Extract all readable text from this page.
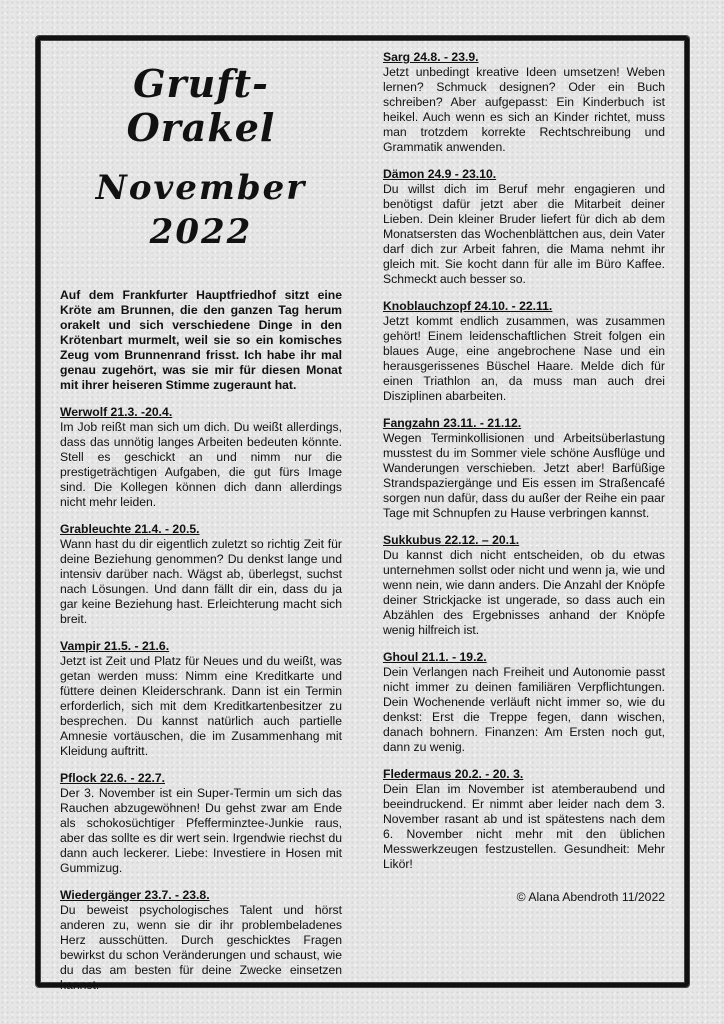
Gruft-Orakel
November 2022

Auf dem Frankfurter Hauptfriedhof sitzt eine Kröte am Brunnen, die den ganzen Tag herum orakelt und sich verschiedene Dinge in den Krötenbart murmelt, weil sie so ein komisches Zeug vom Brunnenrand frisst. Ich habe ihr mal genau zugehört, was sie mir für diesen Monat mit ihrer heiseren Stimme zugeraunt hat.

Werwolf 21.3. -20.4.

Im Job reißt man sich um dich. Du weißt allerdings, dass das unnötig langes Arbeiten bedeuten könnte. Stell es geschickt an und nimm nur die prestigeträchtigen Aufgaben, die gut fürs Image sind. Die Kollegen können dich dann allerdings nicht mehr leiden.

Grableuchte 21.4. - 20.5.

Wann hast du dir eigentlich zuletzt so richtig Zeit für deine Beziehung genommen? Du denkst lange und intensiv darüber nach. Wägst ab, überlegst, suchst nach Lösungen. Und dann fällt dir ein, dass du ja gar keine Beziehung hast. Erleichterung macht sich breit.

Vampir 21.5. - 21.6.

Jetzt ist Zeit und Platz für Neues und du weißt, was getan werden muss: Nimm eine Kreditkarte und füttere deinen Kleiderschrank. Dann ist ein Termin erforderlich, sich mit dem Kreditkartenbesitzer zu besprechen. Du kannst natürlich auch partielle Amnesie vortäuschen, die im Zusammenhang mit Kleidung auftritt.

Pflock 22.6. - 22.7.

Der 3. November ist ein Super-Termin um sich das Rauchen abzugewöhnen! Du gehst zwar am Ende als schokosüchtiger Pfefferminztee-Junkie raus, aber das sollte es dir wert sein. Irgendwie riechst du dann auch leckerer. Liebe: Investiere in Hosen mit Gummizug.

Wiedergänger 23.7. - 23.8.

Du beweist psychologisches Talent und hörst anderen zu, wenn sie dir ihr problembeladenes Herz ausschütten. Durch geschicktes Fragen bewirkst du schon Veränderungen und schaust, wie du das am besten für deine Zwecke einsetzen kannst.

Sarg 24.8. - 23.9.

Jetzt unbedingt kreative Ideen umsetzen! Weben lernen? Schmuck designen? Oder ein Buch schreiben? Aber aufgepasst: Ein Kinderbuch ist heikel. Auch wenn es sich an Kinder richtet, muss man trotzdem korrekte Rechtschreibung und Grammatik anwenden.

Dämon 24.9 - 23.10.

Du willst dich im Beruf mehr engagieren und benötigst dafür jetzt aber die Mitarbeit deiner Lieben. Dein kleiner Bruder liefert für dich ab dem Monatsersten das Wochenblättchen aus, dein Vater darf dich zur Arbeit fahren, die Mama nehmt ihr gleich mit. Sie kocht dann für alle im Büro Kaffee. Schmeckt auch besser so.

Knoblauchzopf 24.10. - 22.11.

Jetzt kommt endlich zusammen, was zusammen gehört! Einem leidenschaftlichen Streit folgen ein blaues Auge, eine angebrochene Nase und ein herausgerissenes Büschel Haare. Melde dich für einen Triathlon an, da muss man auch drei Disziplinen abarbeiten.

Fangzahn 23.11. - 21.12.

Wegen Terminkollisionen und Arbeitsüberlastung musstest du im Sommer viele schöne Ausflüge und Wanderungen verschieben. Jetzt aber! Barfüßige Strandspaziergänge und Eis essen im Straßencafé sorgen nun dafür, dass du außer der Reihe ein paar Tage mit Schnupfen zu Hause verbringen kannst.

Sukkubus 22.12. – 20.1.

Du kannst dich nicht entscheiden, ob du etwas unternehmen sollst oder nicht und wenn ja, wie und wenn nein, wie dann anders. Die Anzahl der Knöpfe deiner Strickjacke ist ungerade, so dass auch ein Abzählen des Ergebnisses anhand der Knöpfe wenig hilfreich ist.

Ghoul 21.1. - 19.2.

Dein Verlangen nach Freiheit und Autonomie passt nicht immer zu deinen familiären Verpflichtungen. Dein Wochenende verläuft nicht immer so, wie du denkst: Erst die Treppe fegen, dann wischen, danach bohnern. Finanzen: Am Ersten noch gut, dann zu wenig.

Fledermaus 20.2. - 20. 3.

Dein Elan im November ist atemberaubend und beeindruckend. Er nimmt aber leider nach dem 3. November rasant ab und ist spätestens nach dem 6. November nicht mehr mit den üblichen Messwerkzeugen festzustellen. Gesundheit: Mehr Likör!

© Alana Abendroth 11/2022
